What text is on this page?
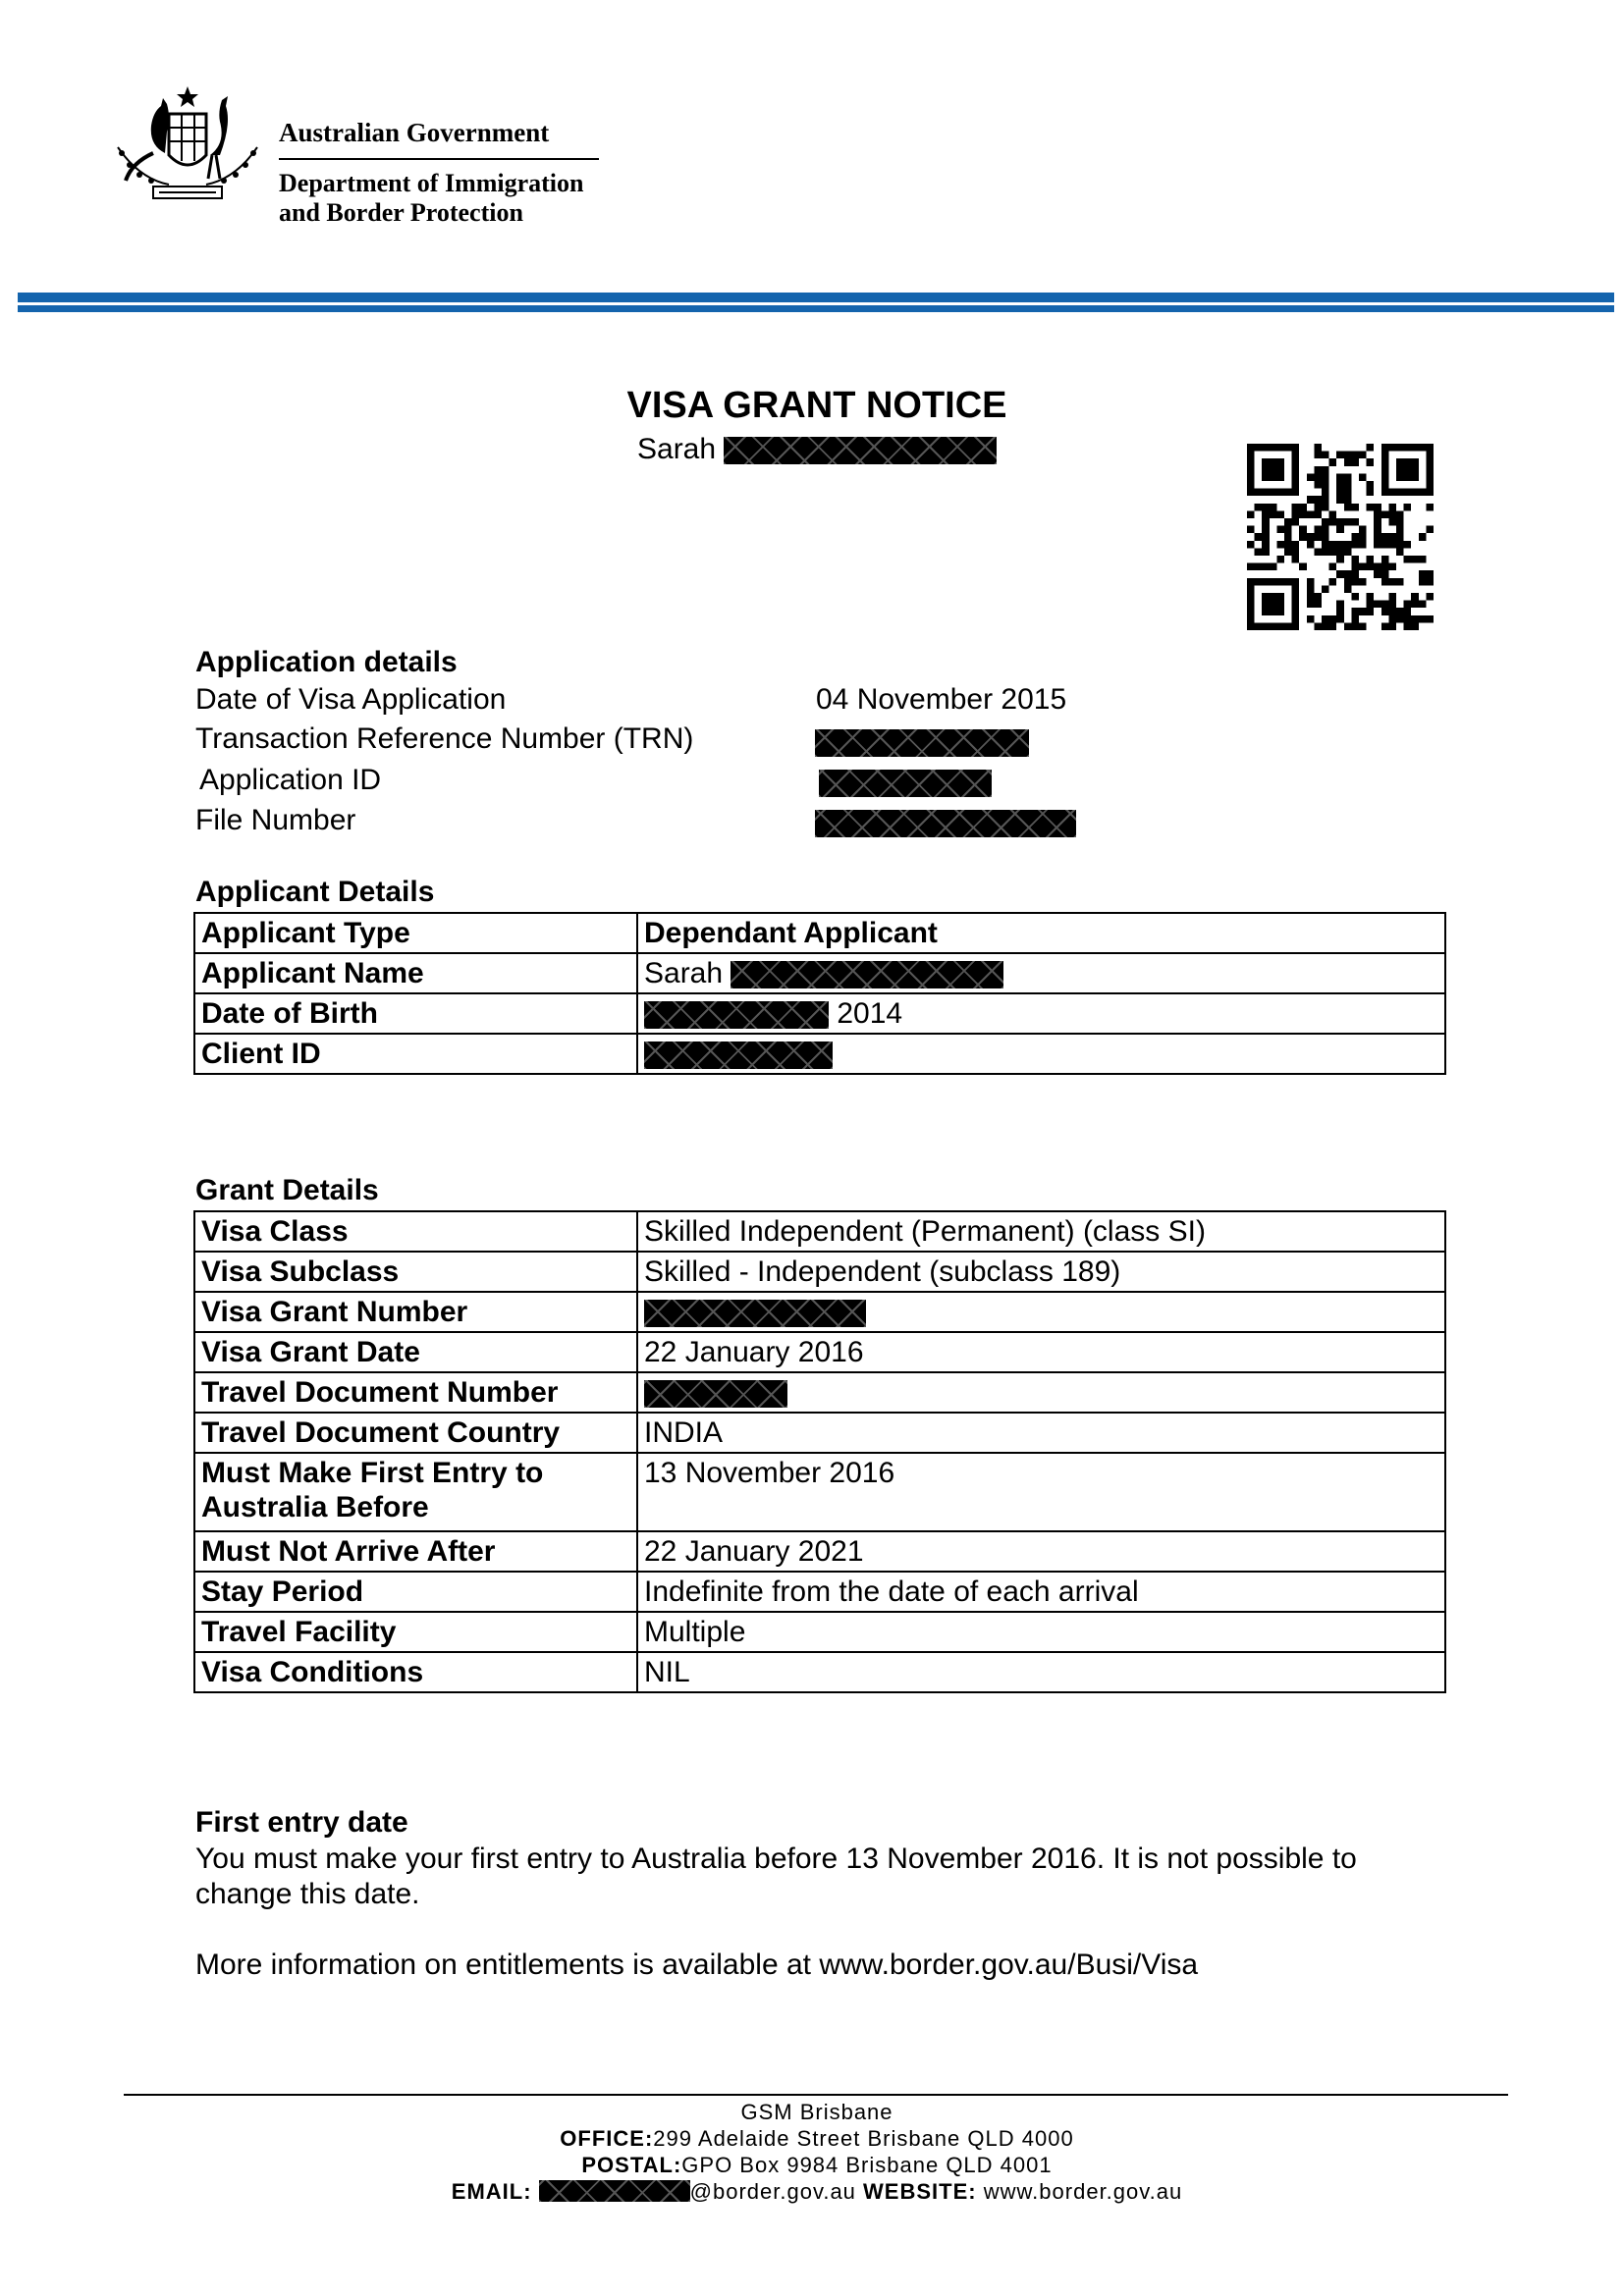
Australian Government
Department of Immigration
and Border Protection
VISA GRANT NOTICE
Sarah
Application details
Date of Visa Application	04 November 2015
Transaction Reference Number (TRN)
Application ID
File Number
Applicant Details
Applicant Type	Dependant Applicant
Applicant Name	Sarah
Date of Birth	2014
Client ID	
Grant Details
Visa Class	Skilled Independent (Permanent) (class SI)
Visa Subclass	Skilled - Independent (subclass 189)
Visa Grant Number	
Visa Grant Date	22 January 2016
Travel Document Number	
Travel Document Country	INDIA
Must Make First Entry to Australia Before	13 November 2016
Must Not Arrive After	22 January 2021
Stay Period	Indefinite from the date of each arrival
Travel Facility	Multiple
Visa Conditions	NIL
First entry date
You must make your first entry to Australia before 13 November 2016. It is not possible to change this date.
More information on entitlements is available at www.border.gov.au/Busi/Visa
GSM Brisbane
OFFICE:299 Adelaide Street Brisbane QLD 4000
POSTAL:GPO Box 9984 Brisbane QLD 4001
EMAIL:	@border.gov.au WEBSITE: www.border.gov.au
